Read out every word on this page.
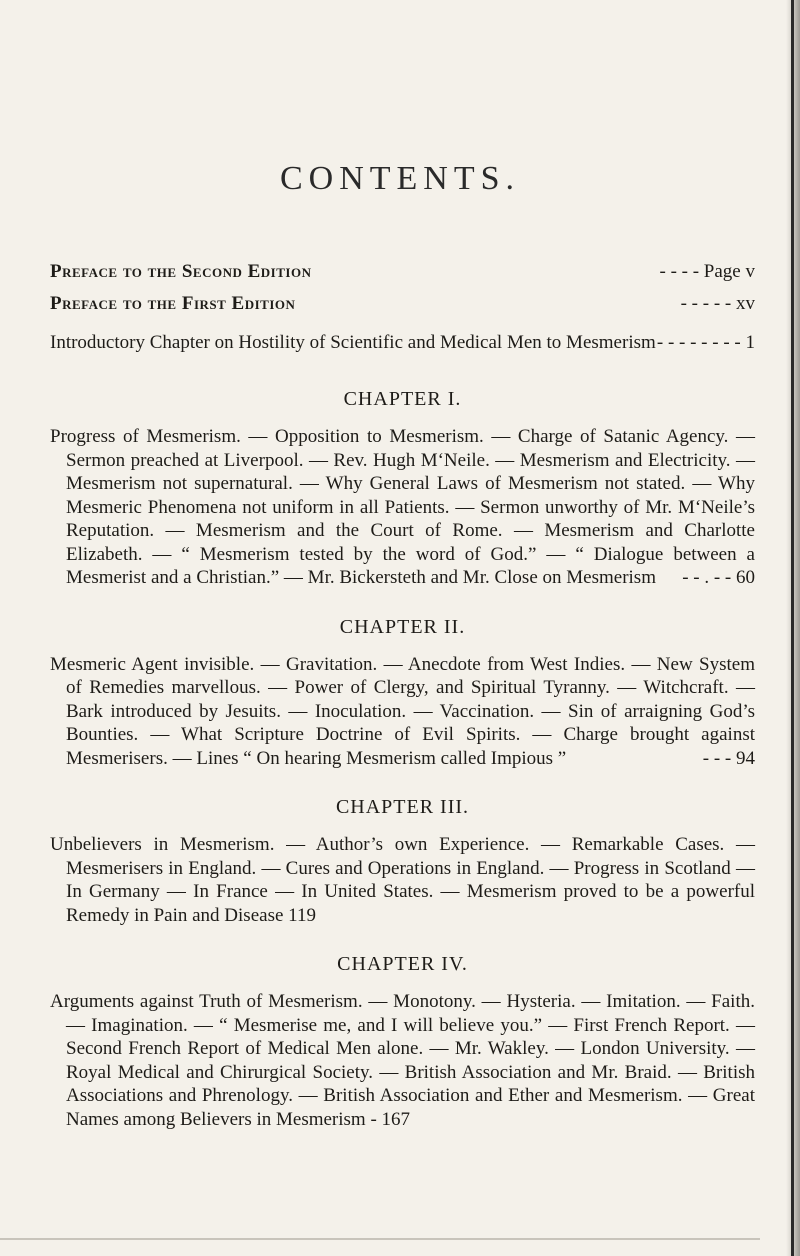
CONTENTS.

Preface to the Second Edition	- - - - Page v

Preface to the First Edition	- - - - - xv

Introductory Chapter on Hostility of Scientific and Medical Men to Mesmerism - - - - - - - - 1

CHAPTER I.

Progress of Mesmerism. — Opposition to Mesmerism. — Charge of Satanic Agency. — Sermon preached at Liverpool. — Rev. Hugh M‘Neile. — Mesmerism and Electricity. — Mesmerism not supernatural. — Why General Laws of Mesmerism not stated. — Why Mesmeric Phenomena not uniform in all Patients. — Sermon unworthy of Mr. M‘Neile’s Reputation. — Mesmerism and the Court of Rome. — Mesmerism and Charlotte Elizabeth. — “ Mesmerism tested by the word of God.” — “ Dialogue between a Mesmerist and a Christian.” — Mr. Bickersteth and Mr. Close on Mesmerism - - . - - 60

CHAPTER II.

Mesmeric Agent invisible. — Gravitation. — Anecdote from West Indies. — New System of Remedies marvellous. — Power of Clergy, and Spiritual Tyranny. — Witchcraft. — Bark introduced by Jesuits. — Inoculation. — Vaccination. — Sin of arraigning God’s Bounties. — What Scripture Doctrine of Evil Spirits. — Charge brought against Mesmerisers. — Lines “ On hearing Mesmerism called Impious ”	- - - 94

CHAPTER III.

Unbelievers in Mesmerism. — Author’s own Experience. — Remarkable Cases. — Mesmerisers in England. — Cures and Operations in England. — Progress in Scotland — In Germany — In France — In United States. — Mesmerism proved to be a powerful Remedy in Pain and Disease 119

CHAPTER IV.

Arguments against Truth of Mesmerism. — Monotony. — Hysteria. — Imitation. — Faith. — Imagination. — “ Mesmerise me, and I will believe you.” — First French Report. — Second French Report of Medical Men alone. — Mr. Wakley. — London University. — Royal Medical and Chirurgical Society. — British Association and Mr. Braid. — British Associations and Phrenology. — British Association and Ether and Mesmerism. — Great Names among Believers in Mesmerism - 167
